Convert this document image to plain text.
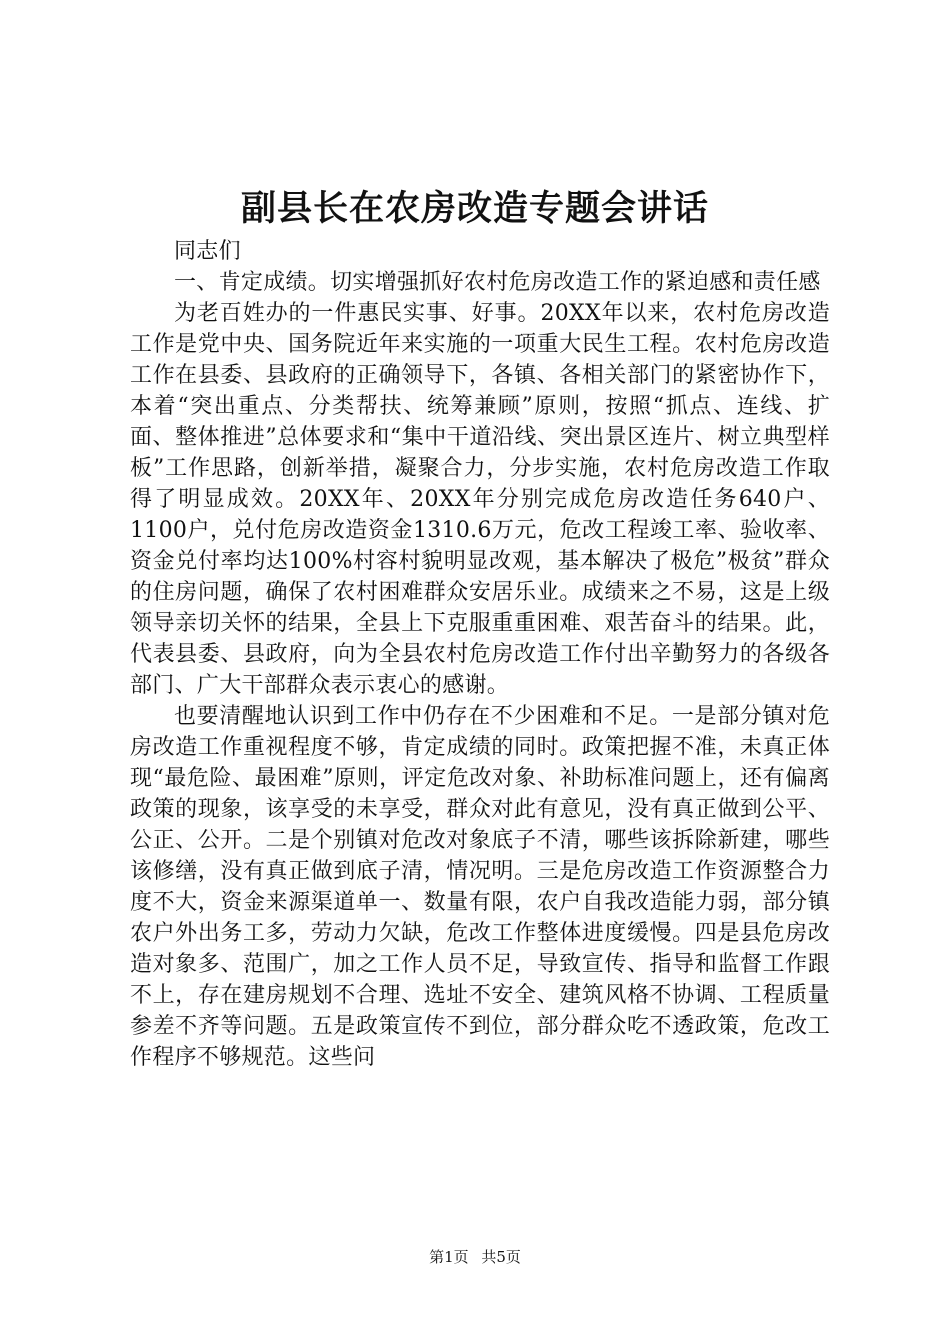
副县长在农房改造专题会讲话

同志们

一、肯定成绩。切实增强抓好农村危房改造工作的紧迫感和责任感

为老百姓办的一件惠民实事、好事。20XX年以来，农村危房改造工作是党中央、国务院近年来实施的一项重大民生工程。农村危房改造工作在县委、县政府的正确领导下，各镇、各相关部门的紧密协作下，本着“突出重点、分类帮扶、统筹兼顾”原则，按照“抓点、连线、扩面、整体推进”总体要求和“集中干道沿线、突出景区连片、树立典型样板”工作思路，创新举措，凝聚合力，分步实施，农村危房改造工作取得了明显成效。20XX年、20XX年分别完成危房改造任务640户、1100户，兑付危房改造资金1310.6万元，危改工程竣工率、验收率、资金兑付率均达100%村容村貌明显改观，基本解决了极危”极贫”群众的住房问题，确保了农村困难群众安居乐业。成绩来之不易，这是上级领导亲切关怀的结果，全县上下克服重重困难、艰苦奋斗的结果。此，代表县委、县政府，向为全县农村危房改造工作付出辛勤努力的各级各部门、广大干部群众表示衷心的感谢。

也要清醒地认识到工作中仍存在不少困难和不足。一是部分镇对危房改造工作重视程度不够，肯定成绩的同时。政策把握不准，未真正体现“最危险、最困难”原则，评定危改对象、补助标准问题上，还有偏离政策的现象，该享受的未享受，群众对此有意见，没有真正做到公平、公正、公开。二是个别镇对危改对象底子不清，哪些该拆除新建，哪些该修缮，没有真正做到底子清，情况明。三是危房改造工作资源整合力度不大，资金来源渠道单一、数量有限，农户自我改造能力弱，部分镇农户外出务工多，劳动力欠缺，危改工作整体进度缓慢。四是县危房改造对象多、范围广，加之工作人员不足，导致宣传、指导和监督工作跟不上，存在建房规划不合理、选址不安全、建筑风格不协调、工程质量参差不齐等问题。五是政策宣传不到位，部分群众吃不透政策，危改工作程序不够规范。这些问

第1页 共5页
